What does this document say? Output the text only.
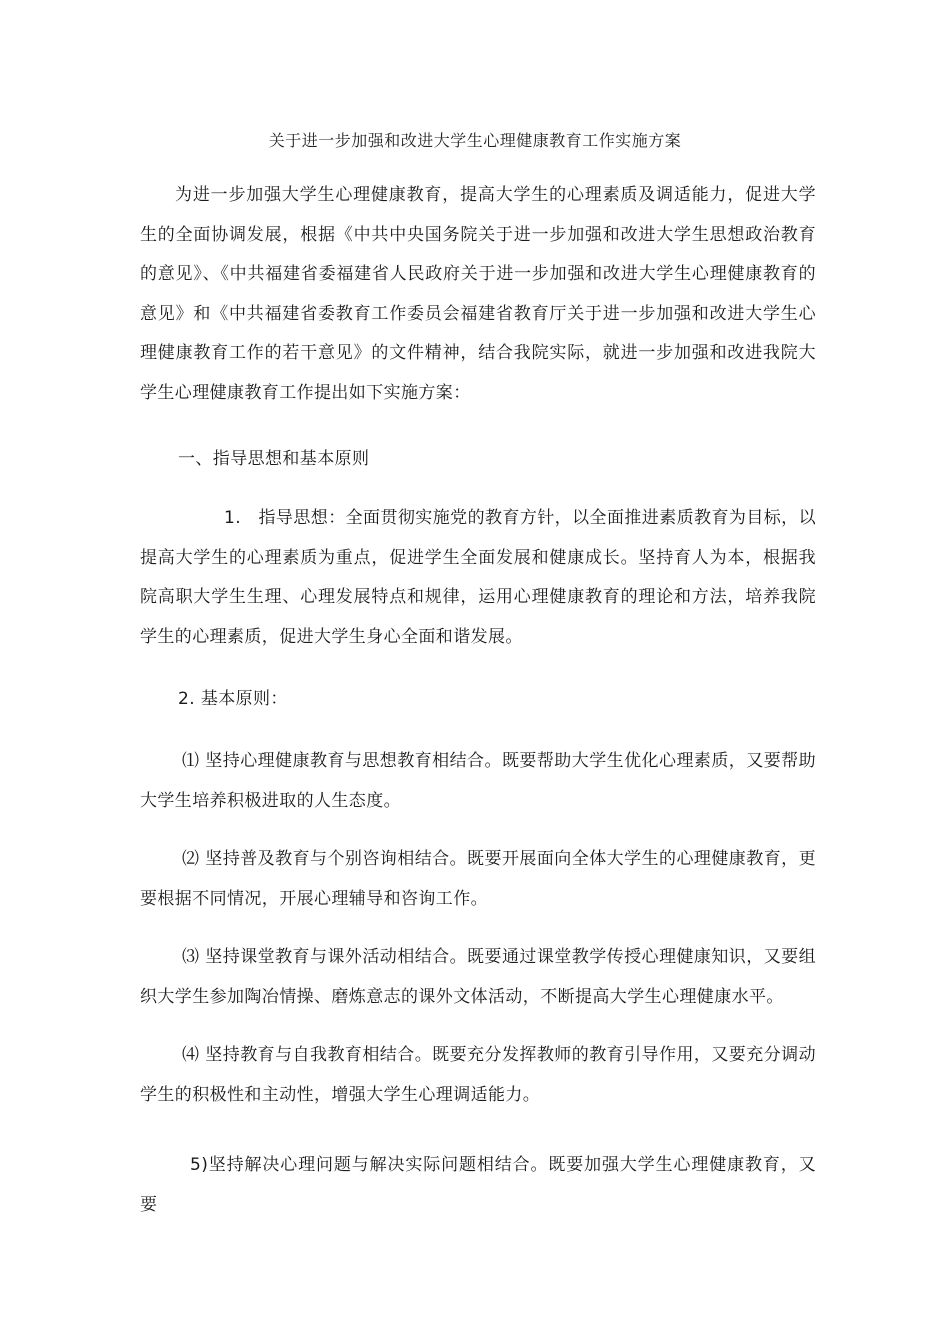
关于进一步加强和改进大学生心理健康教育工作实施方案

为进一步加强大学生心理健康教育，提高大学生的心理素质及调适能力，促进大学生的全面协调发展，根据《中共中央国务院关于进一步加强和改进大学生思想政治教育的意见》、《中共福建省委福建省人民政府关于进一步加强和改进大学生心理健康教育的意见》和《中共福建省委教育工作委员会福建省教育厅关于进一步加强和改进大学生心理健康教育工作的若干意见》的文件精神，结合我院实际，就进一步加强和改进我院大学生心理健康教育工作提出如下实施方案：

一、指导思想和基本原则

1. 指导思想：全面贯彻实施党的教育方针，以全面推进素质教育为目标，以提高大学生的心理素质为重点，促进学生全面发展和健康成长。坚持育人为本，根据我院高职大学生生理、心理发展特点和规律，运用心理健康教育的理论和方法，培养我院学生的心理素质，促进大学生身心全面和谐发展。

2. 基本原则：

⑴ 坚持心理健康教育与思想教育相结合。既要帮助大学生优化心理素质，又要帮助大学生培养积极进取的人生态度。

⑵ 坚持普及教育与个别咨询相结合。既要开展面向全体大学生的心理健康教育，更要根据不同情况，开展心理辅导和咨询工作。

⑶ 坚持课堂教育与课外活动相结合。既要通过课堂教学传授心理健康知识，又要组织大学生参加陶冶情操、磨炼意志的课外文体活动，不断提高大学生心理健康水平。

⑷ 坚持教育与自我教育相结合。既要充分发挥教师的教育引导作用，又要充分调动学生的积极性和主动性，增强大学生心理调适能力。

5)坚持解决心理问题与解决实际问题相结合。既要加强大学生心理健康教育，又要
